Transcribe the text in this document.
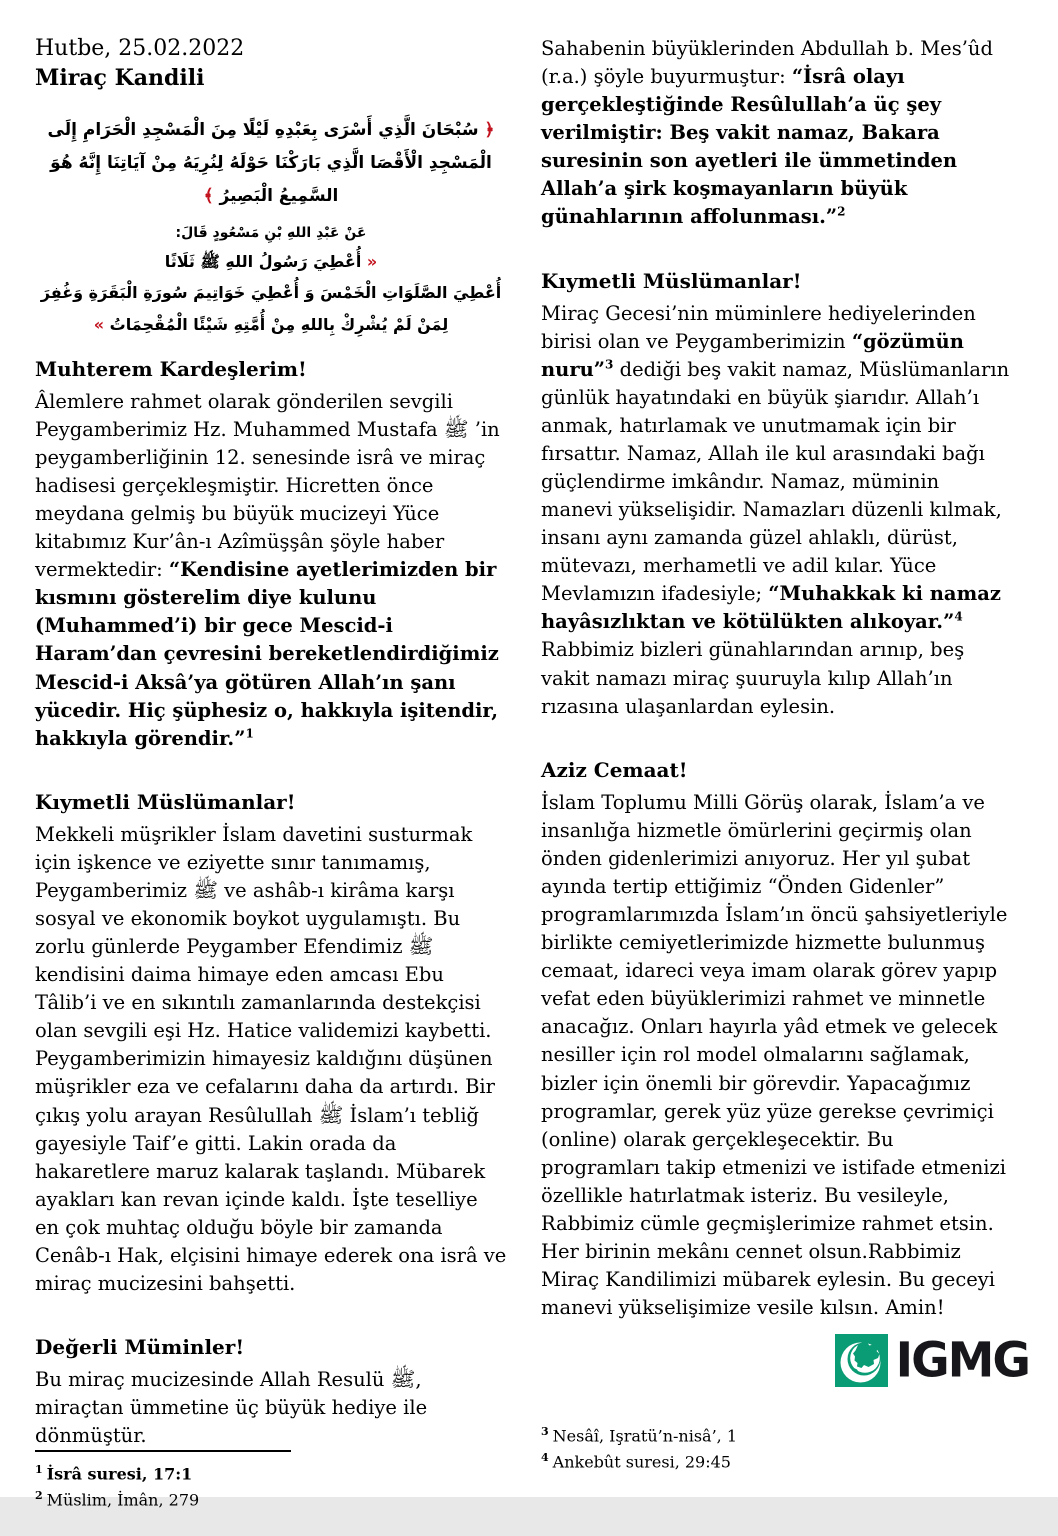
Hutbe, 25.02.2022
Miraç Kandili

﴿ سُبْحَانَ الَّذِي أَسْرَى بِعَبْدِهِ لَيْلًا مِنَ الْمَسْجِدِ الْحَرَامِ إِلَى الْمَسْجِدِ الْأَقْصَا الَّذِي بَارَكْنَا حَوْلَهُ لِنُرِيَهُ مِنْ آيَاتِنَا إِنَّهُ هُوَ السَّمِيعُ الْبَصِيرُ ﴾

عَنْ عَبْدِ اللهِ بْنِ مَسْعُودٍ قَالَ:

« أُعْطِيَ رَسُولُ اللهِ ﷺ ثَلَاثًا
أُعْطِيَ الصَّلَوَاتِ الْخَمْسَ وَ أُعْطِيَ خَوَاتِيمَ سُورَةِ الْبَقَرَةِ وَغُفِرَ لِمَنْ لَمْ يُشْرِكْ بِاللهِ مِنْ أُمَّتِهِ شَيْئًا الْمُقْحِمَاتُ »

Muhterem Kardeşlerim!

Âlemlere rahmet olarak gönderilen sevgili Peygamberimiz Hz. Muhammed Mustafa ﷺ ’in peygamberliğinin 12. senesinde isrâ ve miraç hadisesi gerçekleşmiştir. Hicretten önce meydana gelmiş bu büyük mucizeyi Yüce kitabımız Kur’ân-ı Azîmüşşân şöyle haber vermektedir: “Kendisine ayetlerimizden bir kısmını gösterelim diye kulunu (Muhammed’i) bir gece Mescid-i Haram’dan çevresini bereketlendirdiğimiz Mescid-i Aksâ’ya götüren Allah’ın şanı yücedir. Hiç şüphesiz o, hakkıyla işitendir, hakkıyla görendir.”$^1$

Kıymetli Müslümanlar!

Mekkeli müşrikler İslam davetini susturmak için işkence ve eziyette sınır tanımamış, Peygamberimiz ﷺ ve ashâb-ı kirâma karşı sosyal ve ekonomik boykot uygulamıştı. Bu zorlu günlerde Peygamber Efendimiz ﷺ kendisini daima himaye eden amcası Ebu Tâlib’i ve en sıkıntılı zamanlarında destekçisi olan sevgili eşi Hz. Hatice validemizi kaybetti. Peygamberimizin himayesiz kaldığını düşünen müşrikler eza ve cefalarını daha da artırdı. Bir çıkış yolu arayan Resûlullah ﷺ İslam’ı tebliğ gayesiyle Taif’e gitti. Lakin orada da hakaretlere maruz kalarak taşlandı. Mübarek ayakları kan revan içinde kaldı. İşte teselliye en çok muhtaç olduğu böyle bir zamanda Cenâb-ı Hak, elçisini himaye ederek ona isrâ ve miraç mucizesini bahşetti.

Değerli Müminler!

Bu miraç mucizesinde Allah Resulü ﷺ, miraçtan ümmetine üç büyük hediye ile dönmüştür.

$^1$ İsrâ suresi, 17:1
$^2$ Müslim, İmân, 279

Sahabenin büyüklerinden Abdullah b. Mes’ûd (r.a.) şöyle buyurmuştur: “İsrâ olayı gerçekleştiğinde Resûlullah’a üç şey verilmiştir: Beş vakit namaz, Bakara suresinin son ayetleri ile ümmetinden Allah’a şirk koşmayanların büyük günahlarının affolunması.”$^2$

Kıymetli Müslümanlar!

Miraç Gecesi’nin müminlere hediyelerinden birisi olan ve Peygamberimizin “gözümün nuru”$^3$ dediği beş vakit namaz, Müslümanların günlük hayatındaki en büyük şiarıdır. Allah’ı anmak, hatırlamak ve unutmamak için bir fırsattır. Namaz, Allah ile kul arasındaki bağı güçlendirme imkândır. Namaz, müminin manevi yükselişidir. Namazları düzenli kılmak, insanı aynı zamanda güzel ahlaklı, dürüst, mütevazı, merhametli ve adil kılar. Yüce Mevlamızın ifadesiyle; “Muhakkak ki namaz hayâsızlıktan ve kötülükten alıkoyar.”$^4$ Rabbimiz bizleri günahlarından arınıp, beş vakit namazı miraç şuuruyla kılıp Allah’ın rızasına ulaşanlardan eylesin.

Aziz Cemaat!

İslam Toplumu Milli Görüş olarak, İslam’a ve insanlığa hizmetle ömürlerini geçirmiş olan önden gidenlerimizi anıyoruz. Her yıl şubat ayında tertip ettiğimiz “Önden Gidenler” programlarımızda İslam’ın öncü şahsiyetleriyle birlikte cemiyetlerimizde hizmette bulunmuş cemaat, idareci veya imam olarak görev yapıp vefat eden büyüklerimizi rahmet ve minnetle anacağız. Onları hayırla yâd etmek ve gelecek nesiller için rol model olmalarını sağlamak, bizler için önemli bir görevdir. Yapacağımız programlar, gerek yüz yüze gerekse çevrimiçi (online) olarak gerçekleşecektir. Bu programları takip etmenizi ve istifade etmenizi özellikle hatırlatmak isteriz. Bu vesileyle, Rabbimiz cümle geçmişlerimize rahmet etsin. Her birinin mekânı cennet olsun.Rabbimiz Miraç Kandilimizi mübarek eylesin. Bu geceyi manevi yükselişimize vesile kılsın. Amin!

IGMG
$^3$ Nesâî, Işratü’n-nisâ’, 1
$^4$ Ankebût suresi, 29:45
